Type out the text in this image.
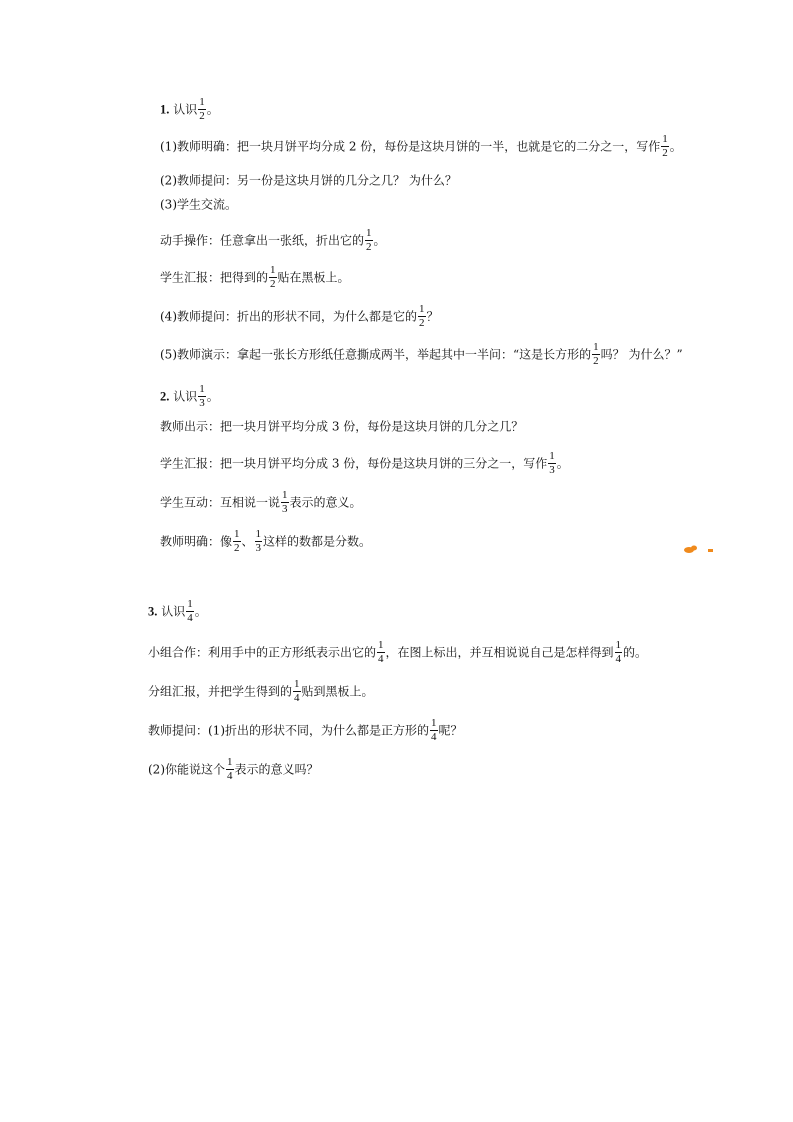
1. 认识 $\frac{1}{2}$ 。
(1)教师明确：把一块月饼平均分成 2 份，每份是这块月饼的一半，也就是它的二分之一，写作 $\frac{1}{2}$ 。
(2)教师提问：另一份是这块月饼的几分之几？ 为什么？
(3)学生交流。
动手操作：任意拿出一张纸，折出它的 $\frac{1}{2}$ 。
学生汇报：把得到的 $\frac{1}{2}$ 贴在黑板上。
(4)教师提问：折出的形状不同，为什么都是它的 $\frac{1}{2}$ ？
(5)教师演示：拿起一张长方形纸任意撕成两半，举起其中一半问：“这是长方形的 $\frac{1}{2}$ 吗？ 为什么？”
2. 认识 $\frac{1}{3}$ 。
教师出示：把一块月饼平均分成 3 份，每份是这块月饼的几分之几？
学生汇报：把一块月饼平均分成 3 份，每份是这块月饼的三分之一，写作 $\frac{1}{3}$ 。
学生互动：互相说一说 $\frac{1}{3}$ 表示的意义。
教师明确：像 $\frac{1}{2}$ 、 $\frac{1}{3}$ 这样的数都是分数。
3. 认识 $\frac{1}{4}$ 。
小组合作：利用手中的正方形纸表示出它的 $\frac{1}{4}$ ，在图上标出，并互相说说自己是怎样得到 $\frac{1}{4}$ 的。
分组汇报，并把学生得到的 $\frac{1}{4}$ 贴到黑板上。
教师提问：(1)折出的形状不同，为什么都是正方形的 $\frac{1}{4}$ 呢？
(2)你能说这个 $\frac{1}{4}$ 表示的意义吗？
